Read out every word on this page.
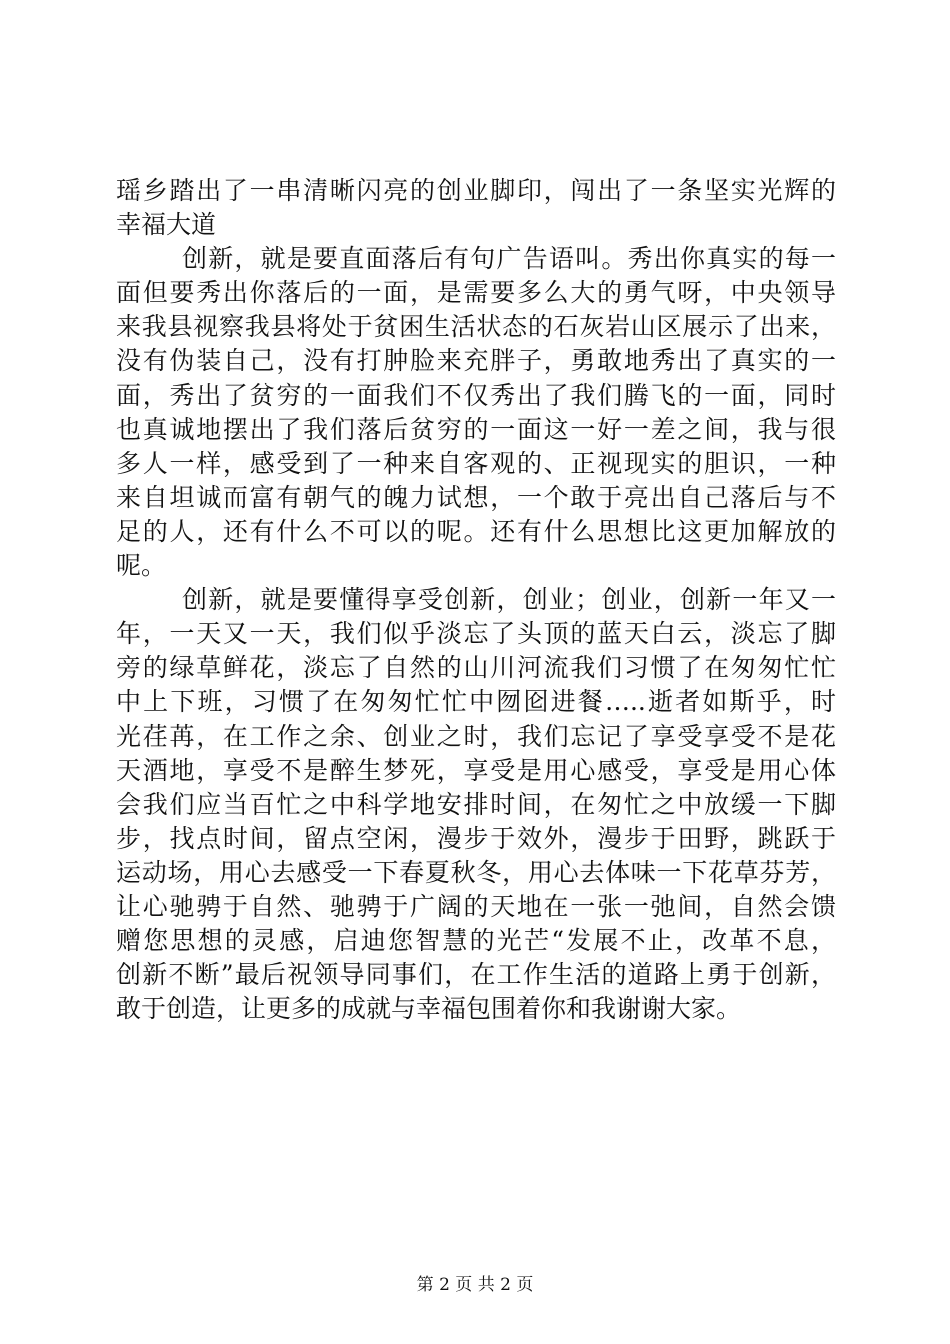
瑶乡踏出了一串清晰闪亮的创业脚印，闯出了一条坚实光辉的
幸福大道
创新，就是要直面落后有句广告语叫。秀出你真实的每一
面但要秀出你落后的一面，是需要多么大的勇气呀，中央领导
来我县视察我县将处于贫困生活状态的石灰岩山区展示了出来，
没有伪装自己，没有打肿脸来充胖子，勇敢地秀出了真实的一
面，秀出了贫穷的一面我们不仅秀出了我们腾飞的一面，同时
也真诚地摆出了我们落后贫穷的一面这一好一差之间，我与很
多人一样，感受到了一种来自客观的、正视现实的胆识，一种
来自坦诚而富有朝气的魄力试想，一个敢于亮出自己落后与不
足的人，还有什么不可以的呢。还有什么思想比这更加解放的
呢。
创新，就是要懂得享受创新，创业；创业，创新一年又一
年，一天又一天，我们似乎淡忘了头顶的蓝天白云，淡忘了脚
旁的绿草鲜花，淡忘了自然的山川河流我们习惯了在匆匆忙忙
中上下班，习惯了在匆匆忙忙中囫囵进餐…..逝者如斯乎，时
光荏苒，在工作之余、创业之时，我们忘记了享受享受不是花
天酒地，享受不是醉生梦死，享受是用心感受，享受是用心体
会我们应当百忙之中科学地安排时间，在匆忙之中放缓一下脚
步，找点时间，留点空闲，漫步于效外，漫步于田野，跳跃于
运动场，用心去感受一下春夏秋冬，用心去体味一下花草芬芳，
让心驰骋于自然、驰骋于广阔的天地在一张一弛间，自然会馈
赠您思想的灵感，启迪您智慧的光芒“发展不止，改革不息，
创新不断”最后祝领导同事们，在工作生活的道路上勇于创新，
敢于创造，让更多的成就与幸福包围着你和我谢谢大家。
第 2 页 共 2 页
